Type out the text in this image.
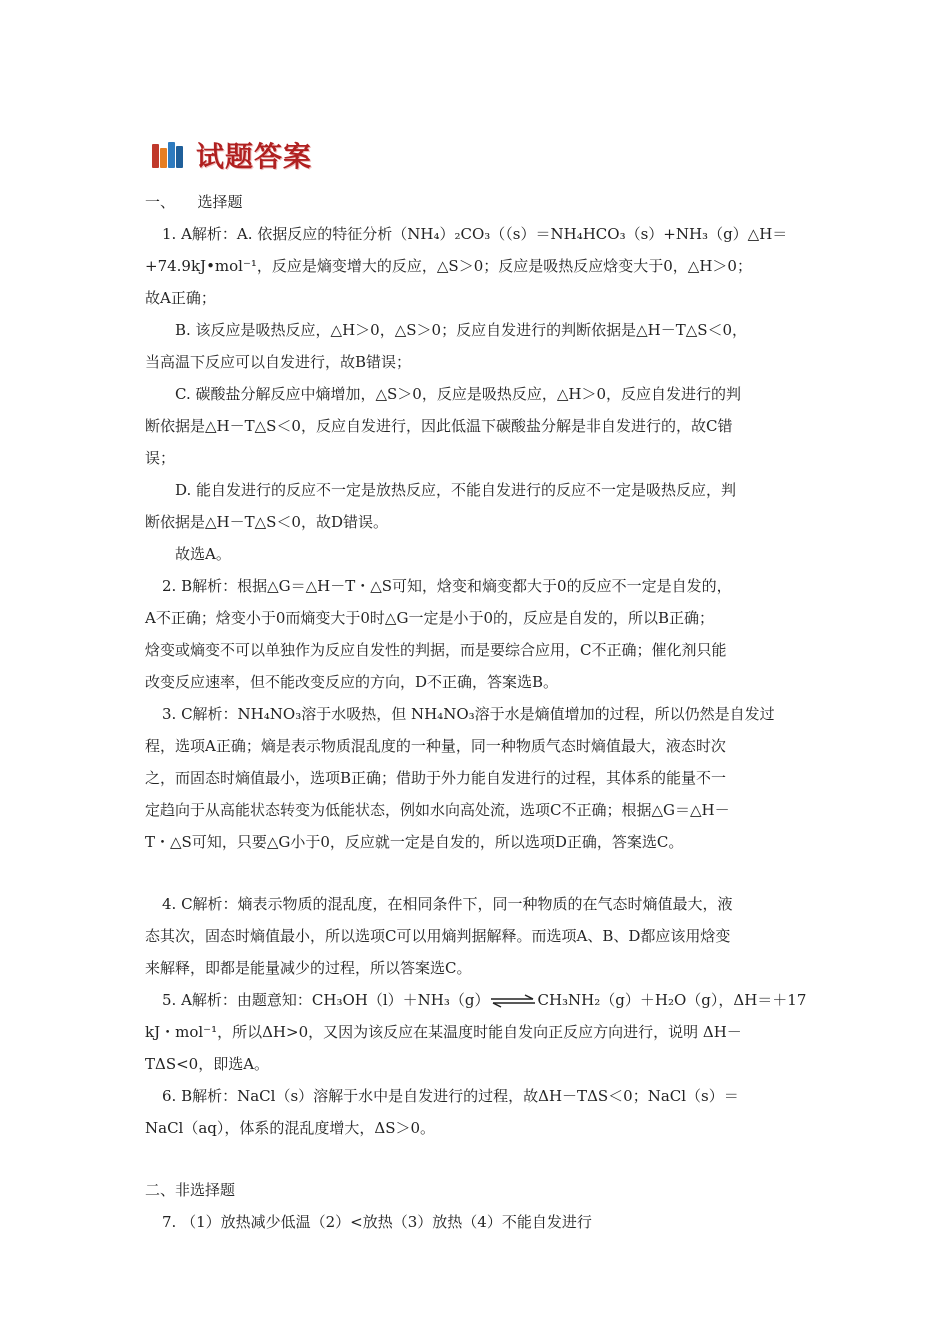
试题答案

一、　　选择题

1. A解析：A. 依据反应的特征分析（NH₄）₂CO₃（（s）＝NH₄HCO₃（s）+NH₃（g）△H＝

+74.9kJ•mol⁻¹，反应是熵变增大的反应，△S＞0；反应是吸热反应焓变大于0，△H＞0；

故A正确；

B. 该反应是吸热反应，△H＞0，△S＞0；反应自发进行的判断依据是△H－T△S＜0，

当高温下反应可以自发进行，故B错误；

C. 碳酸盐分解反应中熵增加，△S＞0，反应是吸热反应，△H＞0，反应自发进行的判

断依据是△H－T△S＜0，反应自发进行，因此低温下碳酸盐分解是非自发进行的，故C错

误；

D. 能自发进行的反应不一定是放热反应，不能自发进行的反应不一定是吸热反应，判

断依据是△H－T△S＜0，故D错误。

故选A。

2. B解析：根据△G＝△H－T・△S可知，焓变和熵变都大于0的反应不一定是自发的，

A不正确；焓变小于0而熵变大于0时△G一定是小于0的，反应是自发的，所以B正确；

焓变或熵变不可以单独作为反应自发性的判据，而是要综合应用，C不正确；催化剂只能

改变反应速率，但不能改变反应的方向，D不正确，答案选B。

3. C解析：NH₄NO₃溶于水吸热，但 NH₄NO₃溶于水是熵值增加的过程，所以仍然是自发过

程，选项A正确；熵是表示物质混乱度的一种量，同一种物质气态时熵值最大，液态时次

之，而固态时熵值最小，选项B正确；借助于外力能自发进行的过程，其体系的能量不一

定趋向于从高能状态转变为低能状态，例如水向高处流，选项C不正确；根据△G＝△H－

T・△S可知，只要△G小于0，反应就一定是自发的，所以选项D正确，答案选C。

4. C解析：熵表示物质的混乱度，在相同条件下，同一种物质的在气态时熵值最大，液

态其次，固态时熵值最小，所以选项C可以用熵判据解释。而选项A、B、D都应该用焓变

来解释，即都是能量减少的过程，所以答案选C。

5. A解析：由题意知：CH₃OH（l）＋NH₃（g）⇌CH₃NH₂（g）＋H₂O（g），ΔH＝＋17

kJ・mol⁻¹，所以ΔH>0，又因为该反应在某温度时能自发向正反应方向进行，说明 ΔH－

TΔS<0，即选A。

6. B解析：NaCl（s）溶解于水中是自发进行的过程，故ΔH－TΔS＜0；NaCl（s）＝

NaCl（aq），体系的混乱度增大，ΔS＞0。

二、非选择题

7. （1）放热减少低温（2）<放热（3）放热（4）不能自发进行
